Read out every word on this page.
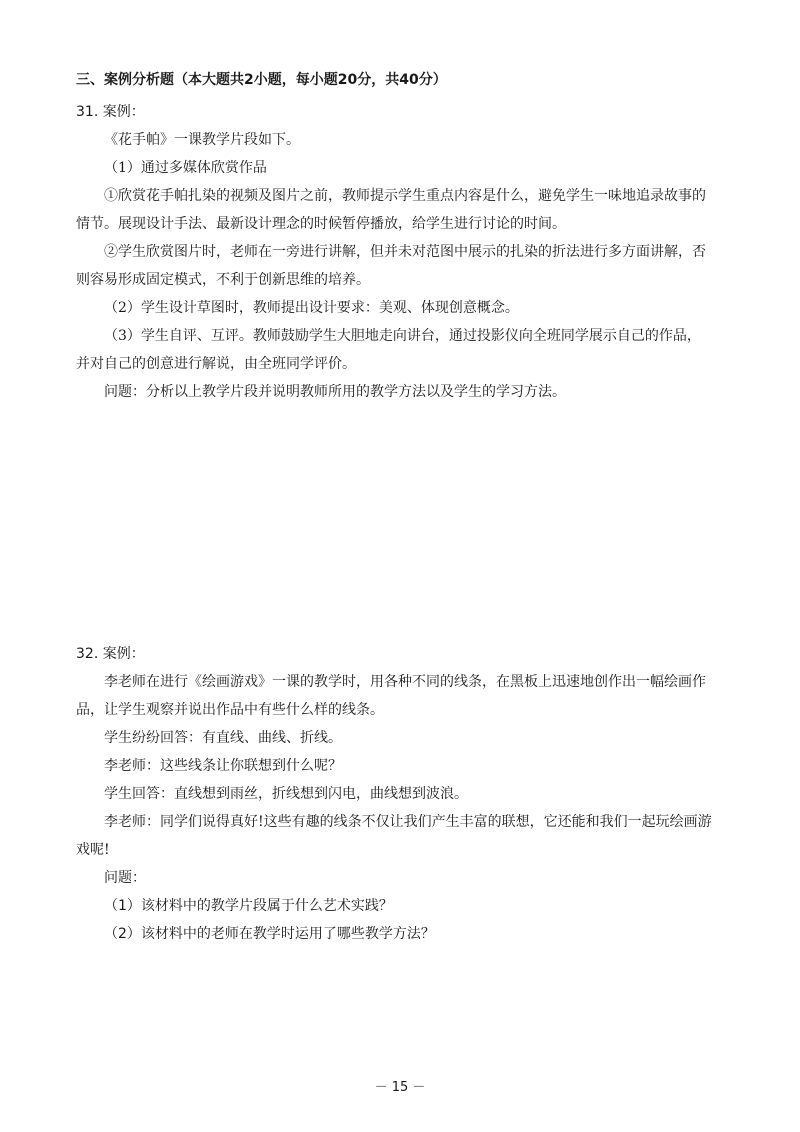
三、案例分析题（本大题共2小题，每小题20分，共40分）
31. 案例：
《花手帕》一课教学片段如下。
（1）通过多媒体欣赏作品
①欣赏花手帕扎染的视频及图片之前，教师提示学生重点内容是什么，避免学生一味地追录故事的
情节。展现设计手法、最新设计理念的时候暂停播放，给学生进行讨论的时间。
②学生欣赏图片时，老师在一旁进行讲解，但并未对范图中展示的扎染的折法进行多方面讲解，否
则容易形成固定模式，不利于创新思维的培养。
（2）学生设计草图时，教师提出设计要求：美观、体现创意概念。
（3）学生自评、互评。教师鼓励学生大胆地走向讲台，通过投影仪向全班同学展示自己的作品，
并对自己的创意进行解说，由全班同学评价。
问题：分析以上教学片段并说明教师所用的教学方法以及学生的学习方法。
32. 案例：
李老师在进行《绘画游戏》一课的教学时，用各种不同的线条，在黑板上迅速地创作出一幅绘画作
品，让学生观察并说出作品中有些什么样的线条。
学生纷纷回答：有直线、曲线、折线。
李老师：这些线条让你联想到什么呢？
学生回答：直线想到雨丝，折线想到闪电，曲线想到波浪。
李老师：同学们说得真好!这些有趣的线条不仅让我们产生丰富的联想，它还能和我们一起玩绘画游
戏呢!
问题：
（1）该材料中的教学片段属于什么艺术实践？
（2）该材料中的老师在教学时运用了哪些教学方法？
－ 15 －
